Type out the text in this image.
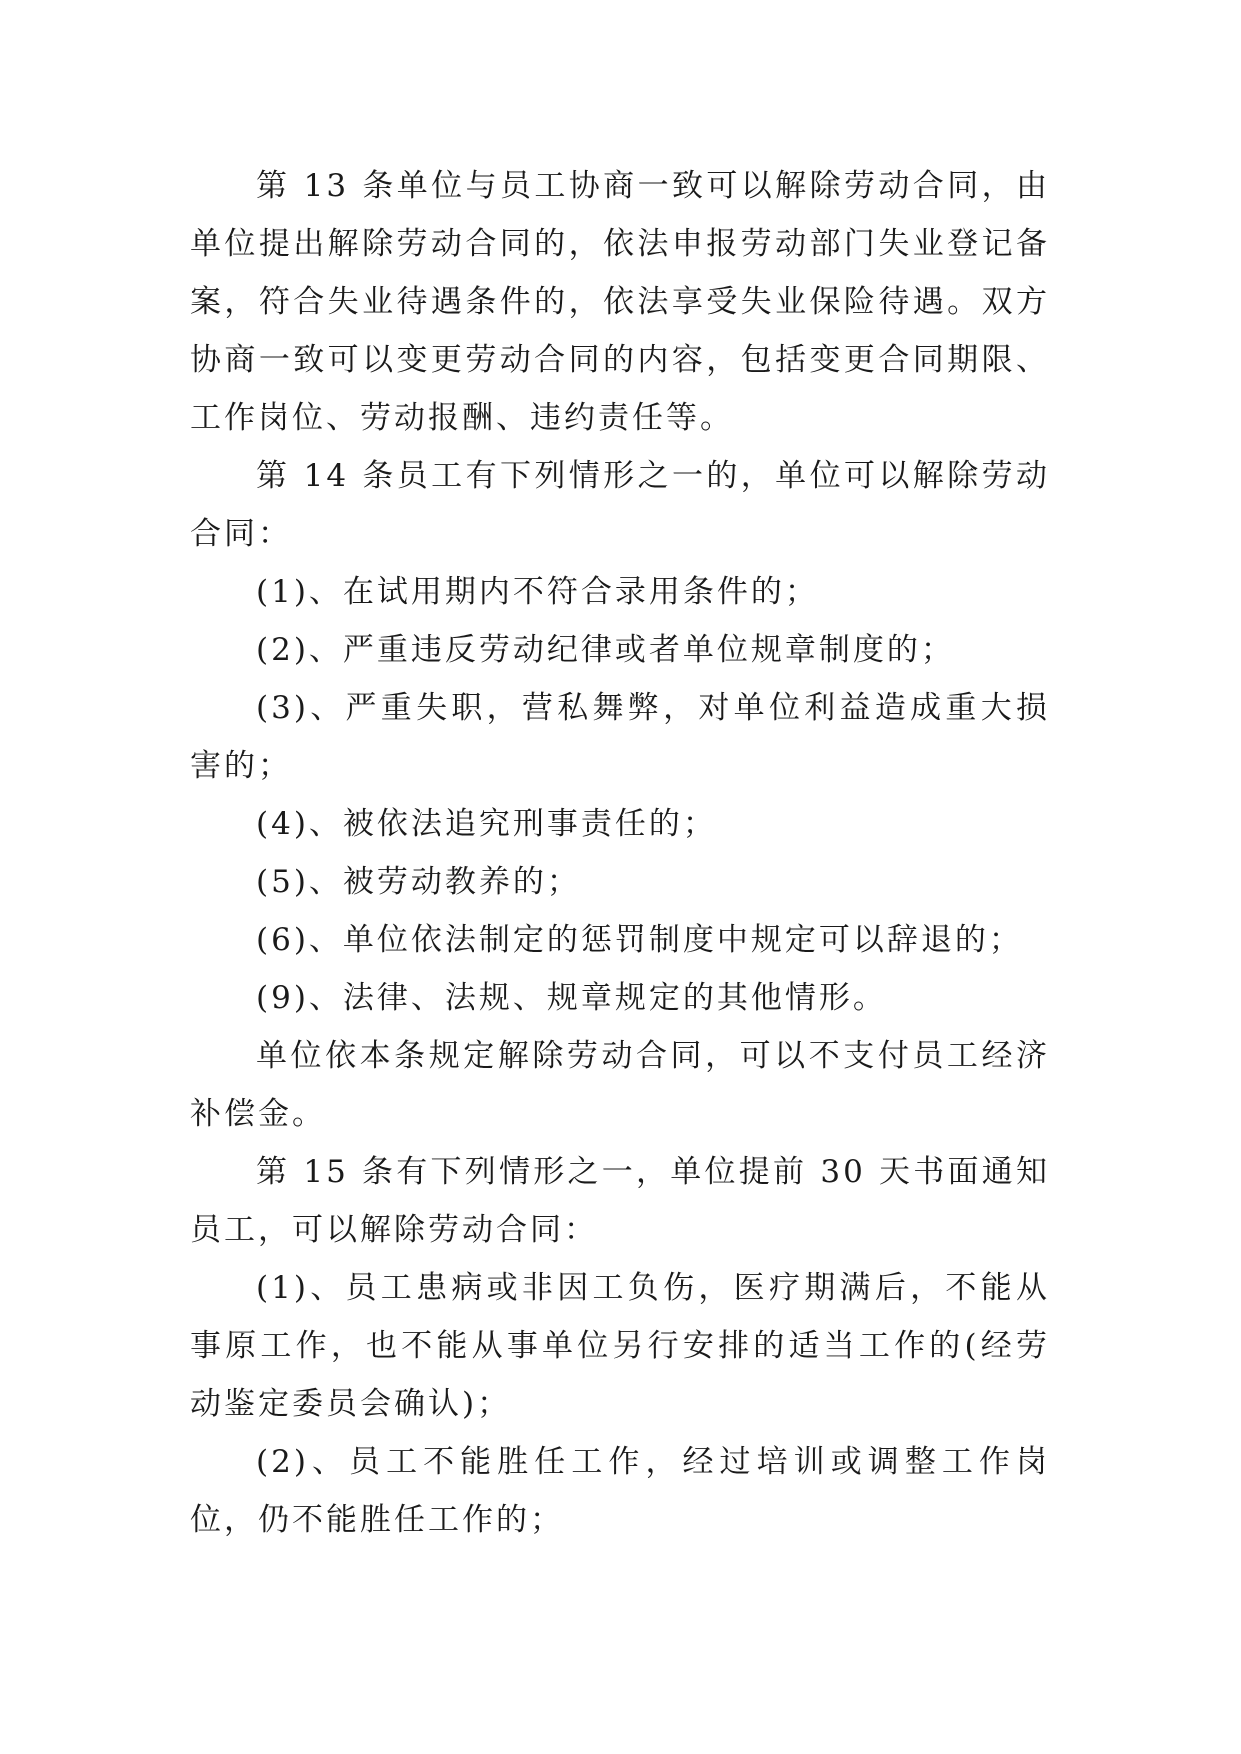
第 13 条单位与员工协商一致可以解除劳动合同，由单位提出解除劳动合同的，依法申报劳动部门失业登记备案，符合失业待遇条件的，依法享受失业保险待遇。双方协商一致可以变更劳动合同的内容，包括变更合同期限、工作岗位、劳动报酬、违约责任等。

第 14 条员工有下列情形之一的，单位可以解除劳动合同：

(1)、在试用期内不符合录用条件的；

(2)、严重违反劳动纪律或者单位规章制度的；

(3)、严重失职，营私舞弊，对单位利益造成重大损害的；

(4)、被依法追究刑事责任的；

(5)、被劳动教养的；

(6)、单位依法制定的惩罚制度中规定可以辞退的；

(9)、法律、法规、规章规定的其他情形。

单位依本条规定解除劳动合同，可以不支付员工经济补偿金。

第 15 条有下列情形之一，单位提前 30 天书面通知员工，可以解除劳动合同：

(1)、员工患病或非因工负伤，医疗期满后，不能从事原工作，也不能从事单位另行安排的适当工作的(经劳动鉴定委员会确认)；

(2)、员工不能胜任工作，经过培训或调整工作岗位，仍不能胜任工作的；
